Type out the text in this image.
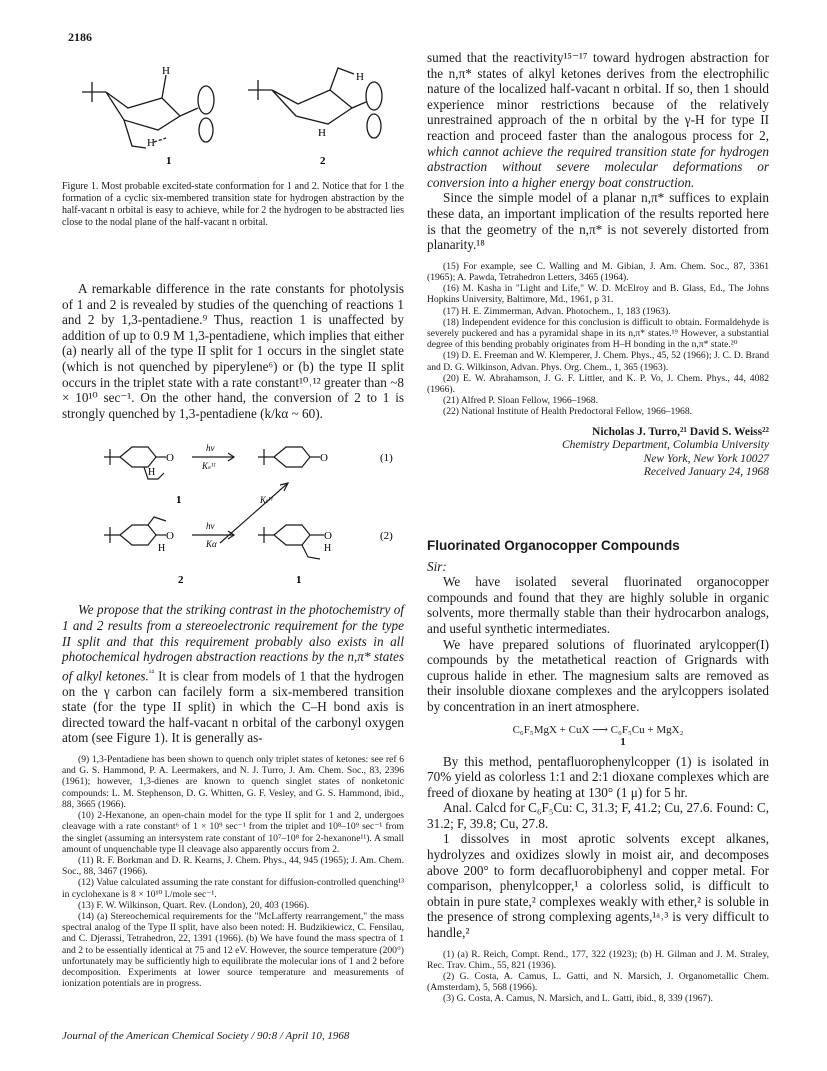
2186
H
H
1
H
H
2

Figure 1. Most probable excited-state conformation for 1 and 2. Notice that for 1 the formation of a cyclic six-membered transition state for hydrogen abstraction by the half-vacant n orbital is easy to achieve, while for 2 the hydrogen to be abstracted lies close to the nodal plane of the half-vacant n orbital.

A remarkable difference in the rate constants for photolysis of 1 and 2 is revealed by studies of the quenching of reactions 1 and 2 by 1,3-pentadiene.⁹ Thus, reaction 1 is unaffected by addition of up to 0.9 M 1,3-pentadiene, which implies that either (a) nearly all of the type II split for 1 occurs in the singlet state (which is not quenched by piperylene⁶) or (b) the type II split occurs in the triplet state with a rate constant¹⁰˒¹² greater than ~8 × 10¹⁰ sec⁻¹. On the other hand, the conversion of 2 to 1 is strongly quenched by 1,3-pentadiene (k/kα ~ 60).

O
H
hν
Kₛᴵᴵ
O	(1)
1	Kₜᴵᴵ
O
H
hν
Kα
O
H
(2)
2	1

We propose that the striking contrast in the photochemistry of 1 and 2 results from a stereoelectronic requirement for the type II split and that this requirement probably also exists in all photochemical hydrogen abstraction reactions by the n,π* states of alkyl ketones.$^{^{14}}$ It is clear from models of 1 that the hydrogen on the γ carbon can facilely form a six-membered transition state (for the type II split) in which the C–H bond axis is directed toward the half-vacant n orbital of the carbonyl oxygen atom (see Figure 1). It is generally as-

(9) 1,3-Pentadiene has been shown to quench only triplet states of ketones: see ref 6 and G. S. Hammond, P. A. Leermakers, and N. J. Turro, J. Am. Chem. Soc., 83, 2396 (1961); however, 1,3-dienes are known to quench singlet states of nonketonic compounds: L. M. Stephenson, D. G. Whitten, G. F. Vesley, and G. S. Hammond, ibid., 88, 3665 (1966).

(10) 2-Hexanone, an open-chain model for the type II split for 1 and 2, undergoes cleavage with a rate constant⁶ of 1 × 10⁹ sec⁻¹ from the triplet and 10⁸–10⁹ sec⁻¹ from the singlet (assuming an intersystem rate constant of 10⁷–10⁸ for 2-hexanone¹¹). A small amount of unquenchable type II cleavage also apparently occurs from 2.

(11) R. F. Borkman and D. R. Kearns, J. Chem. Phys., 44, 945 (1965); J. Am. Chem. Soc., 88, 3467 (1966).

(12) Value calculated assuming the rate constant for diffusion-controlled quenching¹³ in cyclohexane is 8 × 10¹⁰ l./mole sec⁻¹.

(13) F. W. Wilkinson, Quart. Rev. (London), 20, 403 (1966).

(14) (a) Stereochemical requirements for the "McLafferty rearrangement," the mass spectral analog of the Type II split, have also been noted: H. Budzikiewicz, C. Fensilau, and C. Djerassi, Tetrahedron, 22, 1391 (1966). (b) We have found the mass spectra of 1 and 2 to be essentially identical at 75 and 12 eV. However, the source temperature (200°) unfortunately may be sufficiently high to equilibrate the molecular ions of 1 and 2 before decomposition. Experiments at lower source temperature and measurements of ionization potentials are in progress.

sumed that the reactivity¹⁵⁻¹⁷ toward hydrogen abstraction for the n,π* states of alkyl ketones derives from the electrophilic nature of the localized half-vacant n orbital. If so, then 1 should experience minor restrictions because of the relatively unrestrained approach of the n orbital by the γ-H for type II reaction and proceed faster than the analogous process for 2, which cannot achieve the required transition state for hydrogen abstraction without severe molecular deformations or conversion into a higher energy boat construction.

Since the simple model of a planar n,π* suffices to explain these data, an important implication of the results reported here is that the geometry of the n,π* is not severely distorted from planarity.¹⁸

(15) For example, see C. Walling and M. Gibian, J. Am. Chem. Soc., 87, 3361 (1965); A. Pawda, Tetrahedron Letters, 3465 (1964).

(16) M. Kasha in "Light and Life," W. D. McElroy and B. Glass, Ed., The Johns Hopkins University, Baltimore, Md., 1961, p 31.

(17) H. E. Zimmerman, Advan. Photochem., 1, 183 (1963).

(18) Independent evidence for this conclusion is difficult to obtain. Formaldehyde is severely puckered and has a pyramidal shape in its n,π* states.¹⁹ However, a substantial degree of this bending probably originates from H–H bonding in the n,π* state.²⁰

(19) D. E. Freeman and W. Klemperer, J. Chem. Phys., 45, 52 (1966); J. C. D. Brand and D. G. Wilkinson, Advan. Phys. Org. Chem., 1, 365 (1963).

(20) E. W. Abrahamson, J. G. F. Littler, and K. P. Vo, J. Chem. Phys., 44, 4082 (1966).

(21) Alfred P. Sloan Fellow, 1966–1968.

(22) National Institute of Health Predoctoral Fellow, 1966–1968.

Nicholas J. Turro,²¹ David S. Weiss²²

Chemistry Department, Columbia University

New York, New York 10027

Received January 24, 1968

Fluorinated Organocopper Compounds

Sir:

We have isolated several fluorinated organocopper compounds and found that they are highly soluble in organic solvents, more thermally stable than their hydrocarbon analogs, and useful synthetic intermediates.

We have prepared solutions of fluorinated arylcopper(I) compounds by the metathetical reaction of Grignards with cuprous halide in ether. The magnesium salts are removed as their insoluble dioxane complexes and the arylcoppers isolated by concentration in an inert atmosphere.

C₆F₅MgX + CuX ⟶ C₆F₅Cu + MgX₂

1

By this method, pentafluorophenylcopper (1) is isolated in 70% yield as colorless 1:1 and 2:1 dioxane complexes which are freed of dioxane by heating at 130° (1 μ) for 5 hr.

Anal. Calcd for C₆F₅Cu: C, 31.3; F, 41.2; Cu, 27.6. Found: C, 31.2; F, 39.8; Cu, 27.8.

1 dissolves in most aprotic solvents except alkanes, hydrolyzes and oxidizes slowly in moist air, and decomposes above 200° to form decafluorobiphenyl and copper metal. For comparison, phenylcopper,¹ a colorless solid, is difficult to obtain in pure state,² complexes weakly with ether,² is soluble in the presence of strong complexing agents,¹ᵃ˒³ is very difficult to handle,²

(1) (a) R. Reich, Compt. Rend., 177, 322 (1923); (b) H. Gilman and J. M. Straley, Rec. Trav. Chim., 55, 821 (1936).

(2) G. Costa, A. Camus, L. Gatti, and N. Marsich, J. Organometallic Chem. (Amsterdam), 5, 568 (1966).

(3) G. Costa, A. Camus, N. Marsich, and L. Gatti, ibid., 8, 339 (1967).

Journal of the American Chemical Society / 90:8 / April 10, 1968
